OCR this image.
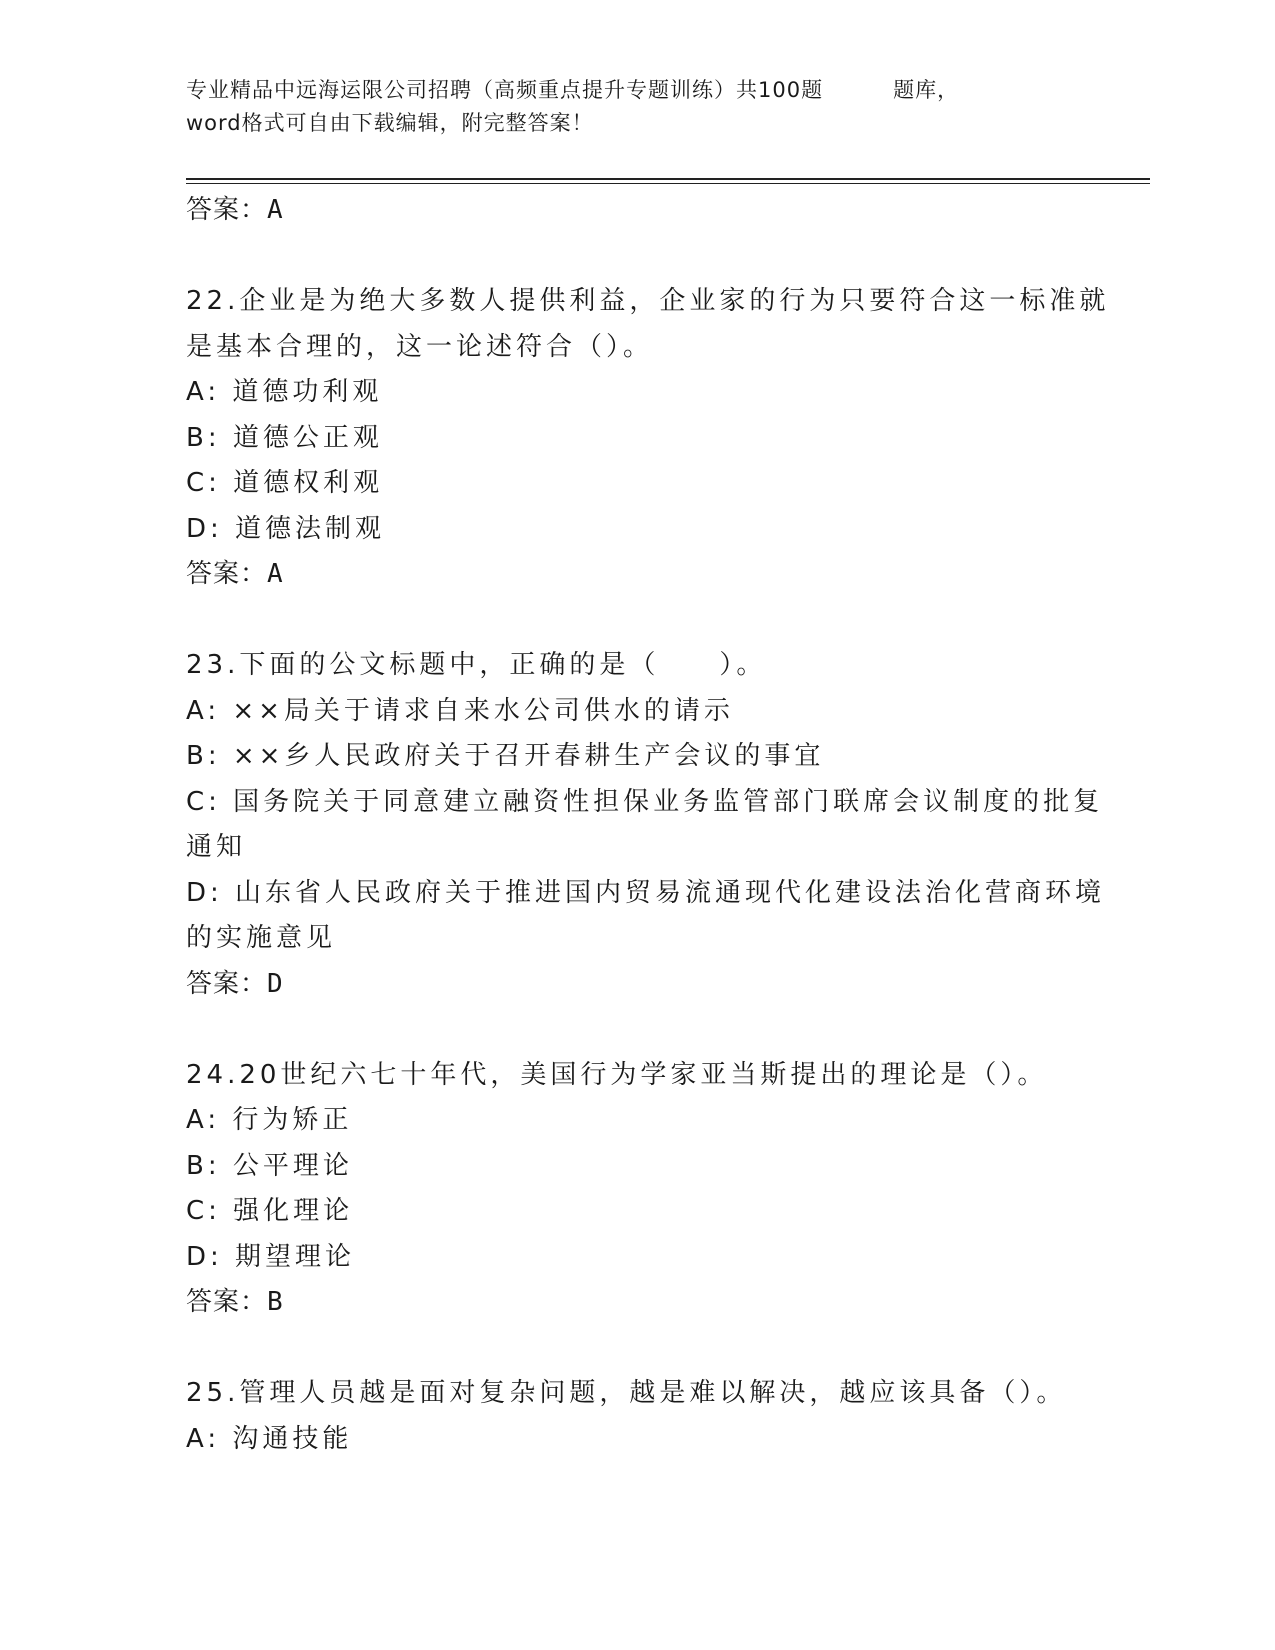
专业精品中远海运限公司招聘（高频重点提升专题训练）共100题	题库，
word格式可自由下载编辑，附完整答案！
答案：A
22.企业是为绝大多数人提供利益，企业家的行为只要符合这一标准就
是基本合理的，这一论述符合（）。
A: 道德功利观
B: 道德公正观
C: 道德权利观
D: 道德法制观
答案：A
23.下面的公文标题中，正确的是（　　）。
A: ××局关于请求自来水公司供水的请示
B: ××乡人民政府关于召开春耕生产会议的事宜
C: 国务院关于同意建立融资性担保业务监管部门联席会议制度的批复
通知
D: 山东省人民政府关于推进国内贸易流通现代化建设法治化营商环境
的实施意见
答案：D
24.20世纪六七十年代，美国行为学家亚当斯提出的理论是（）。
A: 行为矫正
B: 公平理论
C: 强化理论
D: 期望理论
答案：B
25.管理人员越是面对复杂问题，越是难以解决，越应该具备（）。
A: 沟通技能
